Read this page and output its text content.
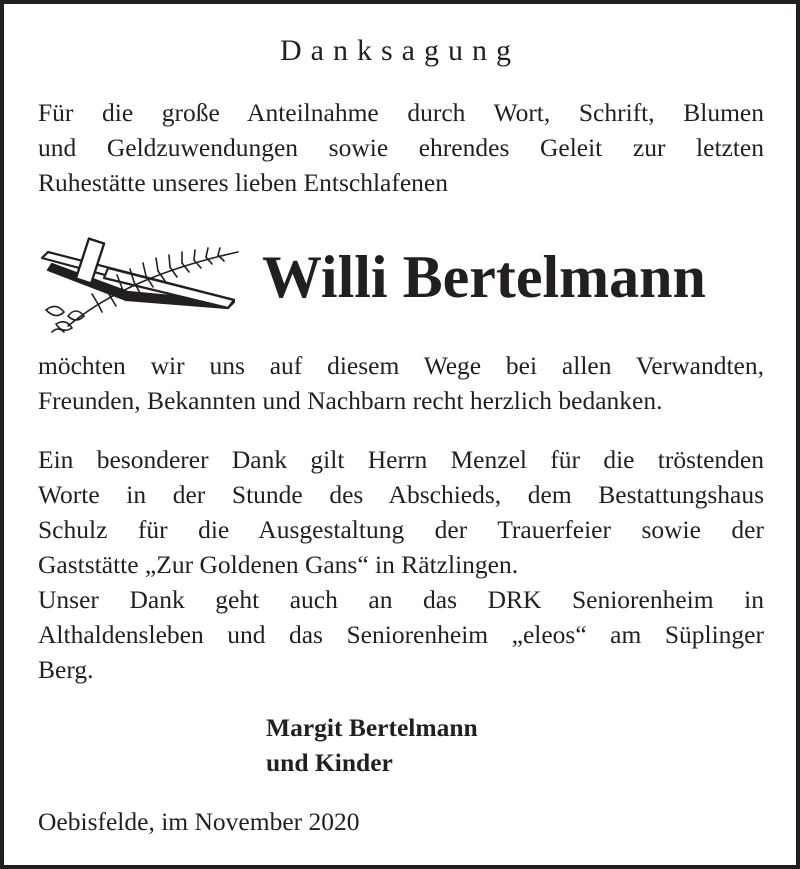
Danksagung
Für die große Anteilnahme durch Wort, Schrift, Blumen
und Geldzuwendungen sowie ehrendes Geleit zur letzten
Ruhestätte unseres lieben Entschlafenen
Willi Bertelmann
möchten wir uns auf diesem Wege bei allen Verwandten,
Freunden, Bekannten und Nachbarn recht herzlich bedanken.
Ein besonderer Dank gilt Herrn Menzel für die tröstenden
Worte in der Stunde des Abschieds, dem Bestattungshaus
Schulz für die Ausgestaltung der Trauerfeier sowie der
Gaststätte „Zur Goldenen Gans“ in Rätzlingen.
Unser Dank geht auch an das DRK Seniorenheim in
Althaldensleben und das Seniorenheim „eleos“ am Süplinger
Berg.
Margit Bertelmann
und Kinder
Oebisfelde, im November 2020
